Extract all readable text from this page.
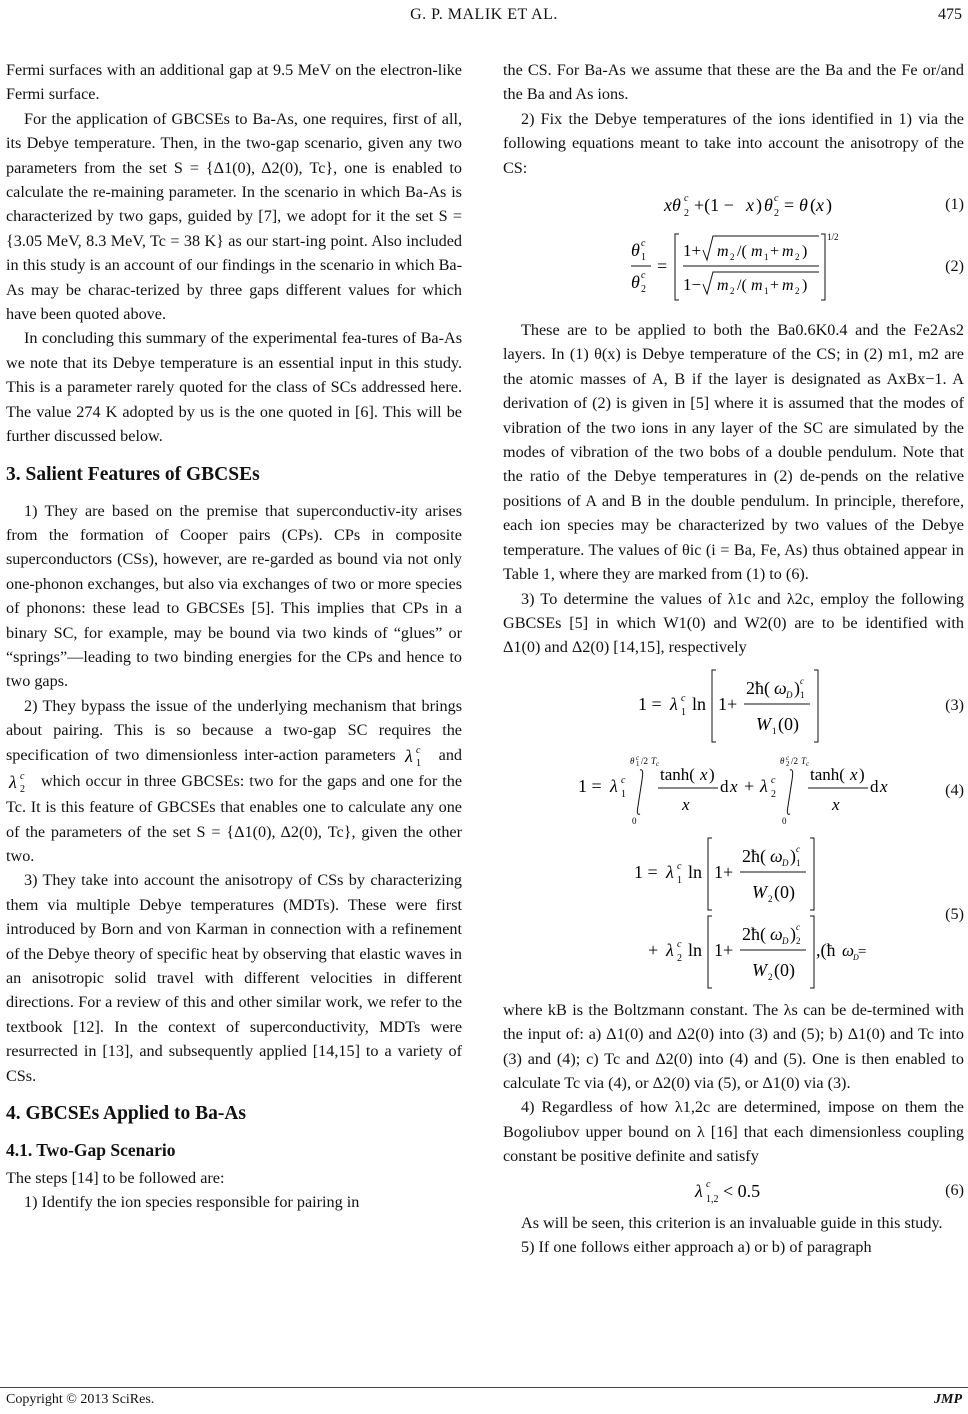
G. P. MALIK ET AL.	475

Fermi surfaces with an additional gap at 9.5 MeV on the electron-like Fermi surface.

For the application of GBCSEs to Ba-As, one requires, first of all, its Debye temperature. Then, in the two-gap scenario, given any two parameters from the set S = {Δ1(0), Δ2(0), Tc}, one is enabled to calculate the re-maining parameter. In the scenario in which Ba-As is characterized by two gaps, guided by [7], we adopt for it the set S = {3.05 MeV, 8.3 MeV, Tc = 38 K} as our start-ing point. Also included in this study is an account of our findings in the scenario in which Ba-As may be charac-terized by three gaps different values for which have been quoted above.

In concluding this summary of the experimental fea-tures of Ba-As we note that its Debye temperature is an essential input in this study. This is a parameter rarely quoted for the class of SCs addressed here. The value 274 K adopted by us is the one quoted in [6]. This will be further discussed below.

3. Salient Features of GBCSEs

1) They are based on the premise that superconductiv-ity arises from the formation of Cooper pairs (CPs). CPs in composite superconductors (CSs), however, are re-garded as bound via not only one-phonon exchanges, but also via exchanges of two or more species of phonons: these lead to GBCSEs [5]. This implies that CPs in a binary SC, for example, may be bound via two kinds of “glues” or “springs”—leading to two binding energies for the CPs and hence to two gaps.

2) They bypass the issue of the underlying mechanism that brings about pairing. This is so because a two-gap SC requires the specification of two dimensionless inter-action parameters λ c
1 and
λ c
2 which occur in three GBCSEs: two for the gaps and one for the Tc. It is this feature of GBCSEs that enables one to calculate any one of the parameters of the set S = {Δ1(0), Δ2(0), Tc}, given the other two.

3) They take into account the anisotropy of CSs by characterizing them via multiple Debye temperatures (MDTs). These were first introduced by Born and von Karman in connection with a refinement of the Debye theory of specific heat by observing that elastic waves in an anisotropic solid travel with different velocities in different directions. For a review of this and other similar work, we refer to the textbook [12]. In the context of superconductivity, MDTs were resurrected in [13], and subsequently applied [14,15] to a variety of CSs.

4. GBCSEs Applied to Ba-As
4.1. Two-Gap Scenario

The steps [14] to be followed are:

1) Identify the ion species responsible for pairing in

the CS. For Ba-As we assume that these are the Ba and the Fe or/and the Ba and As ions.

2) Fix the Debye temperatures of the ions identified in 1) via the following equations meant to take into account the anisotropy of the CS:

xθ c
2 +(1 − x ) θ c
2 = θ ( x )	(1)
θ c
1
θ c
2
=
1+ m 2 /( m 1 + m 2 )
1− m 2 /( m 1 + m 2 )
1/2
(2)

These are to be applied to both the Ba0.6K0.4 and the Fe2As2 layers. In (1) θ(x) is Debye temperature of the CS; in (2) m1, m2 are the atomic masses of A, B if the layer is designated as AxBx−1. A derivation of (2) is given in [5] where it is assumed that the modes of vibration of the two ions in any layer of the SC are simulated by the modes of vibration of the two bobs of a double pendulum. Note that the ratio of the Debye temperatures in (2) de-pends on the relative positions of A and B in the double pendulum. In principle, therefore, each ion species may be characterized by two values of the Debye temperature. The values of θic (i = Ba, Fe, As) thus obtained appear in Table 1, where they are marked from (1) to (6).

3) To determine the values of λ1c and λ2c, employ the following GBCSEs [5] in which W1(0) and W2(0) are to be identified with Δ1(0) and Δ2(0) [14,15], respectively

1 = λ c
1 ln 1+
2ħ( ω D ) c
1
W 1 (0)
(3)
1 = λ c
1
θ c
1 /2 T c
0
tanh( x )
x
d x + λ c
2
θ c
2 /2 T c
0
tanh( x )
x
d x	(4)
1 = λ c
1 ln 1+
2ħ( ω D ) c
1
W 2 (0)
+ λ c
2 ln 1+
2ħ( ω D ) c
2
W 2 (0)
,(ħ ω
D =
(5)

where kB is the Boltzmann constant. The λs can be de-termined with the input of: a) Δ1(0) and Δ2(0) into (3) and (5); b) Δ1(0) and Tc into (3) and (4); c) Tc and Δ2(0) into (4) and (5). One is then enabled to calculate Tc via (4), or Δ2(0) via (5), or Δ1(0) via (3).

4) Regardless of how λ1,2c are determined, impose on them the Bogoliubov upper bound on λ [16] that each dimensionless coupling constant be positive definite and satisfy

λ c
1,2 < 0.5	(6)

As will be seen, this criterion is an invaluable guide in this study.

5) If one follows either approach a) or b) of paragraph

Copyright © 2013 SciRes.	JMP
